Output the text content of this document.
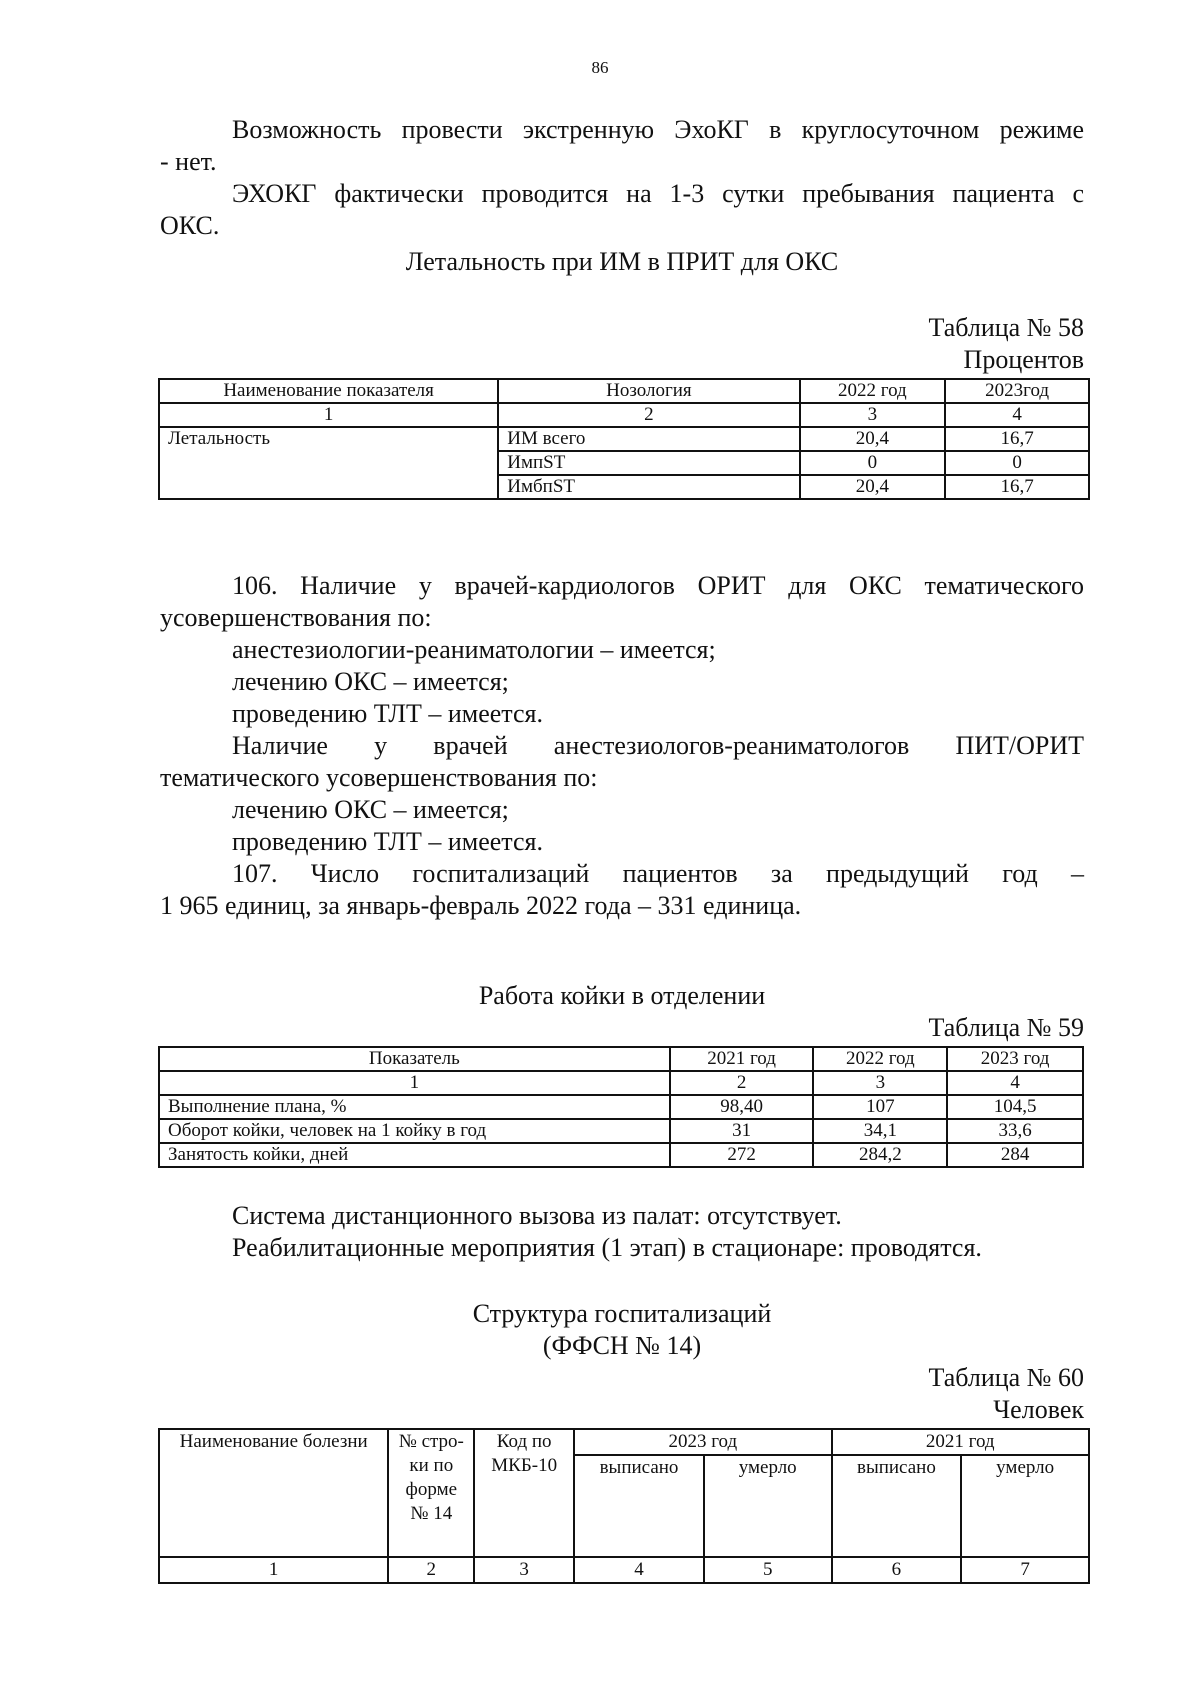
86
Возможность провести экстренную ЭхоКГ в круглосуточном режиме
- нет.
ЭХОКГ фактически проводится на 1-3 сутки пребывания пациента с
ОКС.
Летальность при ИМ в ПРИТ для ОКС
Таблица № 58
Процентов
Наименование показателя	Нозология	2022 год	2023год
1	2	3	4
Летальность	ИМ всего	20,4	16,7
	ИмпST	0	0
	ИмбпST	20,4	16,7
106. Наличие у врачей-кардиологов ОРИТ для ОКС тематического
усовершенствования по:
анестезиологии-реаниматологии – имеется;
лечению ОКС – имеется;
проведению ТЛТ – имеется.
Наличие у врачей анестезиологов-реаниматологов ПИТ/ОРИТ
тематического усовершенствования по:
лечению ОКС – имеется;
проведению ТЛТ – имеется.
107. Число госпитализаций пациентов за предыдущий год –
1 965 единиц, за январь-февраль 2022 года – 331 единица.
Работа койки в отделении
Таблица № 59
Показатель	2021 год	2022 год	2023 год
1	2	3	4
Выполнение плана, %	98,40	107	104,5
Оборот койки, человек на 1 койку в год	31	34,1	33,6
Занятость койки, дней	272	284,2	284
Система дистанционного вызова из палат: отсутствует.
Реабилитационные мероприятия (1 этап) в стационаре: проводятся.
Структура госпитализаций
(ФФСН № 14)
Таблица № 60
Человек
Наименование болезни	№ стро-ки по форме № 14	Код по МКБ-10	2023 год		2021 год	
			выписано	умерло	выписано	умерло
1	2	3	4	5	6	7
